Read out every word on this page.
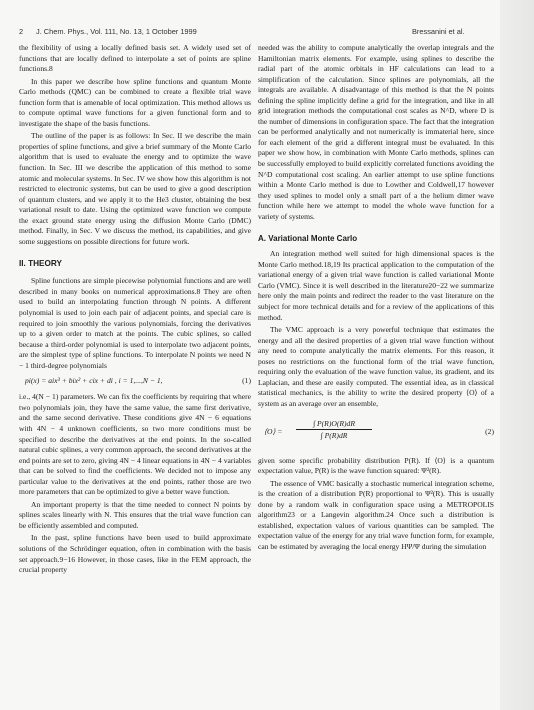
2 J. Chem. Phys., Vol. 111, No. 13, 1 October 1999	Bressanini et al.

the flexibility of using a locally defined basis set. A widely used set of functions that are locally defined to interpolate a set of points are spline functions.8

In this paper we describe how spline functions and quantum Monte Carlo methods (QMC) can be combined to create a flexible trial wave function form that is amenable of local optimization. This method allows us to compute optimal wave functions for a given functional form and to investigate the shape of the basis functions.

The outline of the paper is as follows: In Sec. II we describe the main properties of spline functions, and give a brief summary of the Monte Carlo algorithm that is used to evaluate the energy and to optimize the wave function. In Sec. III we describe the application of this method to some atomic and molecular systems. In Sec. IV we show how this algorithm is not restricted to electronic systems, but can be used to give a good description of quantum clusters, and we apply it to the He3 cluster, obtaining the best variational result to date. Using the optimized wave function we compute the exact ground state energy using the diffusion Monte Carlo (DMC) method. Finally, in Sec. V we discuss the method, its capabilities, and give some suggestions on possible directions for future work.

II. THEORY

Spline functions are simple piecewise polynomial functions and are well described in many books on numerical approximations.8 They are often used to build an interpolating function through N points. A different polynomial is used to join each pair of adjacent points, and special care is required to join smoothly the various polynomials, forcing the derivatives up to a given order to match at the points. The cubic splines, so called because a third-order polynomial is used to interpolate two adjacent points, are the simplest type of spline functions. To interpolate N points we need N − 1 third-degree polynomials

pi(x) = aix³ + bix² + cix + di , i = 1,...,N − 1,	(1)

i.e., 4(N − 1) parameters. We can fix the coefficients by requiring that where two polynomials join, they have the same value, the same first derivative, and the same second derivative. These conditions give 4N − 6 equations with 4N − 4 unknown coefficients, so two more conditions must be specified to describe the derivatives at the end points. In the so-called natural cubic splines, a very common approach, the second derivatives at the end points are set to zero, giving 4N − 4 linear equations in 4N − 4 variables that can be solved to find the coefficients. We decided not to impose any particular value to the derivatives at the end points, rather those are two more parameters that can be optimized to give a better wave function.

An important property is that the time needed to connect N points by splines scales linearly with N. This ensures that the trial wave function can be efficiently assembled and computed.

In the past, spline functions have been used to build approximate solutions of the Schrödinger equation, often in combination with the basis set approach.9−16 However, in those cases, like in the FEM approach, the crucial property

needed was the ability to compute analytically the overlap integrals and the Hamiltonian matrix elements. For example, using splines to describe the radial part of the atomic orbitals in HF calculations can lead to a simplification of the calculation. Since splines are polynomials, all the integrals are available. A disadvantage of this method is that the N points defining the spline implicitly define a grid for the integration, and like in all grid integration methods the computational cost scales as N^D, where D is the number of dimensions in configuration space. The fact that the integration can be performed analytically and not numerically is immaterial here, since for each element of the grid a different integral must be evaluated. In this paper we show how, in combination with Monte Carlo methods, splines can be successfully employed to build explicitly correlated functions avoiding the N^D computational cost scaling. An earlier attempt to use spline functions within a Monte Carlo method is due to Lowther and Coldwell,17 however they used splines to model only a small part of a the helium dimer wave function while here we attempt to model the whole wave function for a variety of systems.

A. Variational Monte Carlo

An integration method well suited for high dimensional spaces is the Monte Carlo method.18,19 Its practical application to the computation of the variational energy of a given trial wave function is called variational Monte Carlo (VMC). Since it is well described in the literature20−22 we summarize here only the main points and redirect the reader to the vast literature on the subject for more technical details and for a review of the applications of this method.

The VMC approach is a very powerful technique that estimates the energy and all the desired properties of a given trial wave function without any need to compute analytically the matrix elements. For this reason, it poses no restrictions on the functional form of the trial wave function, requiring only the evaluation of the wave function value, its gradient, and its Laplacian, and these are easily computed. The essential idea, as in classical statistical mechanics, is the ability to write the desired property ⟨O⟩ of a system as an average over an ensemble,

⟨O⟩ =
∫ P(R)O(R)dR
∫ P(R)dR	(2)

given some specific probability distribution P(R). If ⟨O⟩ is a quantum expectation value, P(R) is the wave function squared: Ψ²(R).

The essence of VMC basically a stochastic numerical integration scheme, is the creation of a distribution P(R) proportional to Ψ²(R). This is usually done by a random walk in configuration space using a METROPOLIS algorithm23 or a Langevin algorithm.24 Once such a distribution is established, expectation values of various quantities can be sampled. The expectation value of the energy for any trial wave function form, for example, can be estimated by averaging the local energy HΨ/Ψ during the simulation
